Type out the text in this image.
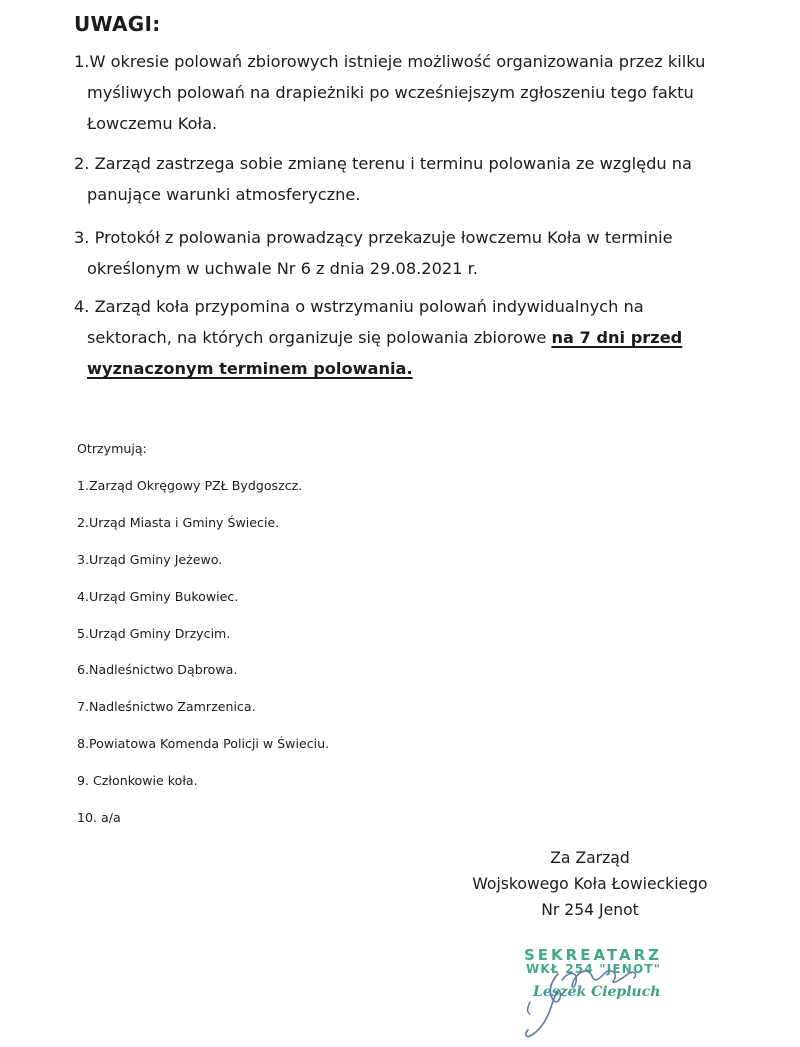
UWAGI:
1.W okresie polowań zbiorowych istnieje możliwość organizowania przez kilku
myśliwych polowań na drapieżniki po wcześniejszym zgłoszeniu tego faktu
Łowczemu Koła.
2. Zarząd zastrzega sobie zmianę terenu i terminu polowania ze względu na
panujące warunki atmosferyczne.
3. Protokół z polowania prowadzący przekazuje łowczemu Koła w terminie
określonym w uchwale Nr 6 z dnia 29.08.2021 r.
4. Zarząd koła przypomina o wstrzymaniu polowań indywidualnych na
sektorach, na których organizuje się polowania zbiorowe na 7 dni przed
wyznaczonym terminem polowania.
Otrzymują:
1.Zarząd Okręgowy PZŁ Bydgoszcz.
2.Urząd Miasta i Gminy Świecie.
3.Urząd Gminy Jeżewo.
4.Urząd Gminy Bukowiec.
5.Urząd Gminy Drzycim.
6.Nadleśnictwo Dąbrowa.
7.Nadleśnictwo Zamrzenica.
8.Powiatowa Komenda Policji w Świeciu.
9. Członkowie koła.
10. a/a
Za Zarząd
Wojskowego Koła Łowieckiego
Nr 254 Jenot
SEKREATARZ
WKŁ 254 "JENOT"
Leszek Ciepluch
